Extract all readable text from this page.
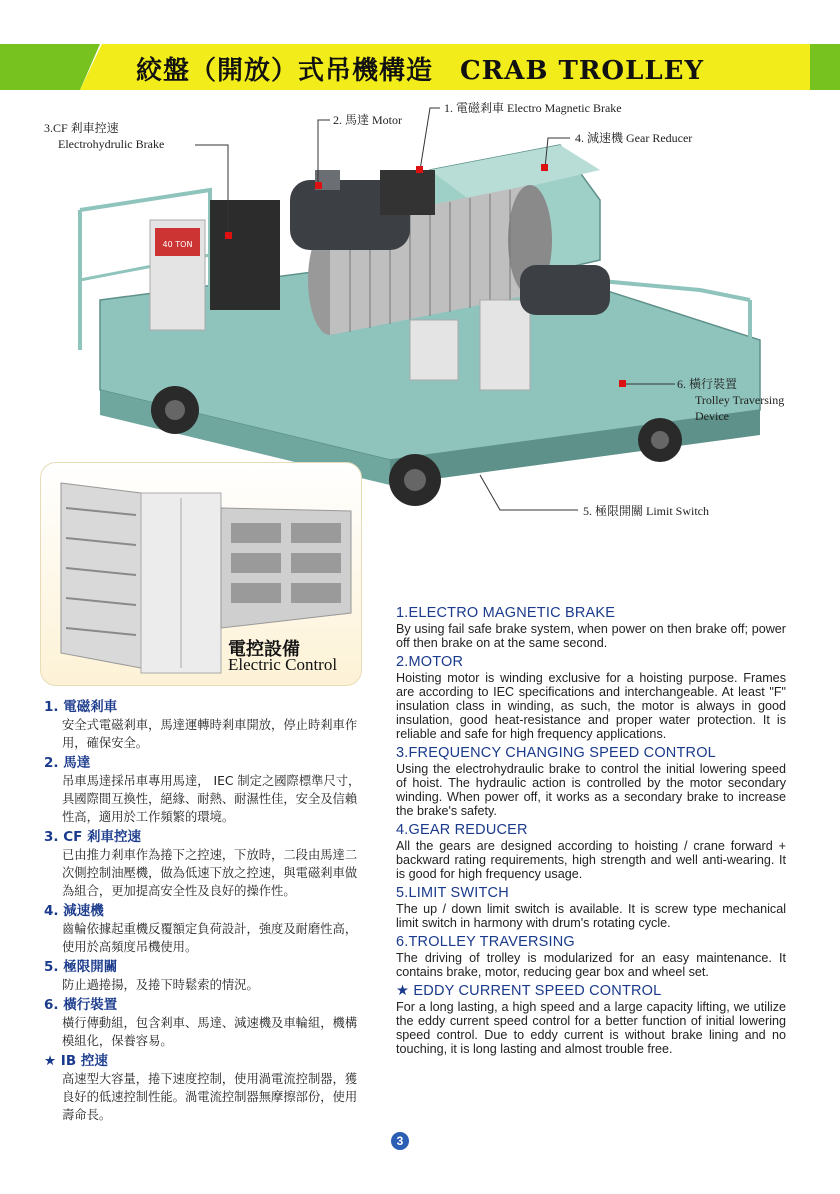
絞盤（開放）式吊機構造　CRAB TROLLEY
40 TON
3.CF 剎車控速
Electrohydrulic Brake
2. 馬達 Motor
1. 電磁剎車 Electro Magnetic Brake
4. 減速機 Gear Reducer
6. 橫行裝置
Trolley Traversing
Device
5. 極限開關 Limit Switch
電控設備
Electric Control
1. 電磁剎車
安全式電磁剎車，馬達運轉時剎車開放，停止時剎車作用，確保安全。
2. 馬達
吊車馬達採吊車專用馬達， IEC 制定之國際標準尺寸，具國際間互換性，絕緣、耐熱、耐濕性佳，安全及信賴性高，適用於工作頻繁的環境。
3. CF 剎車控速
已由推力剎車作為捲下之控速，下放時，二段由馬達二次側控制油壓機，做為低速下放之控速，與電磁剎車做為組合，更加提高安全性及良好的操作性。
4. 減速機
齒輪依據起重機反覆額定負荷設計，強度及耐磨性高，使用於高頻度吊機使用。
5. 極限開關
防止過捲揚，及捲下時鬆索的情況。
6. 橫行裝置
橫行傳動組，包含剎車、馬達、減速機及車輪組，機構模組化，保養容易。
★ IB 控速
高速型大容量，捲下速度控制，使用渦電流控制器，獲良好的低速控制性能。渦電流控制器無摩擦部份，使用壽命長。
1.ELECTRO MAGNETIC BRAKE
By using fail safe brake system, when power on then brake off; power off then brake on at the same second.
2.MOTOR
Hoisting motor is winding exclusive for a hoisting purpose. Frames are according to IEC specifications and interchangeable. At least "F" insulation class in winding, as such, the motor is always in good insulation, good heat-resistance and proper water protection. It is reliable and safe for high frequency applications.
3.FREQUENCY CHANGING SPEED CONTROL
Using the electrohydraulic brake to control the initial lowering speed of hoist. The hydraulic action is controlled by the motor secondary winding. When power off, it works as a secondary brake to increase the brake's safety.
4.GEAR REDUCER
All the gears are designed according to hoisting / crane forward + backward rating requirements, high strength and well anti-wearing. It is good for high frequency usage.
5.LIMIT SWITCH
The up / down limit switch is available. It is screw type mechanical limit switch in harmony with drum's rotating cycle.
6.TROLLEY TRAVERSING
The driving of trolley is modularized for an easy maintenance. It contains brake, motor, reducing gear box and wheel set.
★ EDDY CURRENT SPEED CONTROL
For a long lasting, a high speed and a large capacity lifting, we utilize the eddy current speed control for a better function of initial lowering speed control. Due to eddy current is without brake lining and no touching, it is long lasting and almost trouble free.
3
